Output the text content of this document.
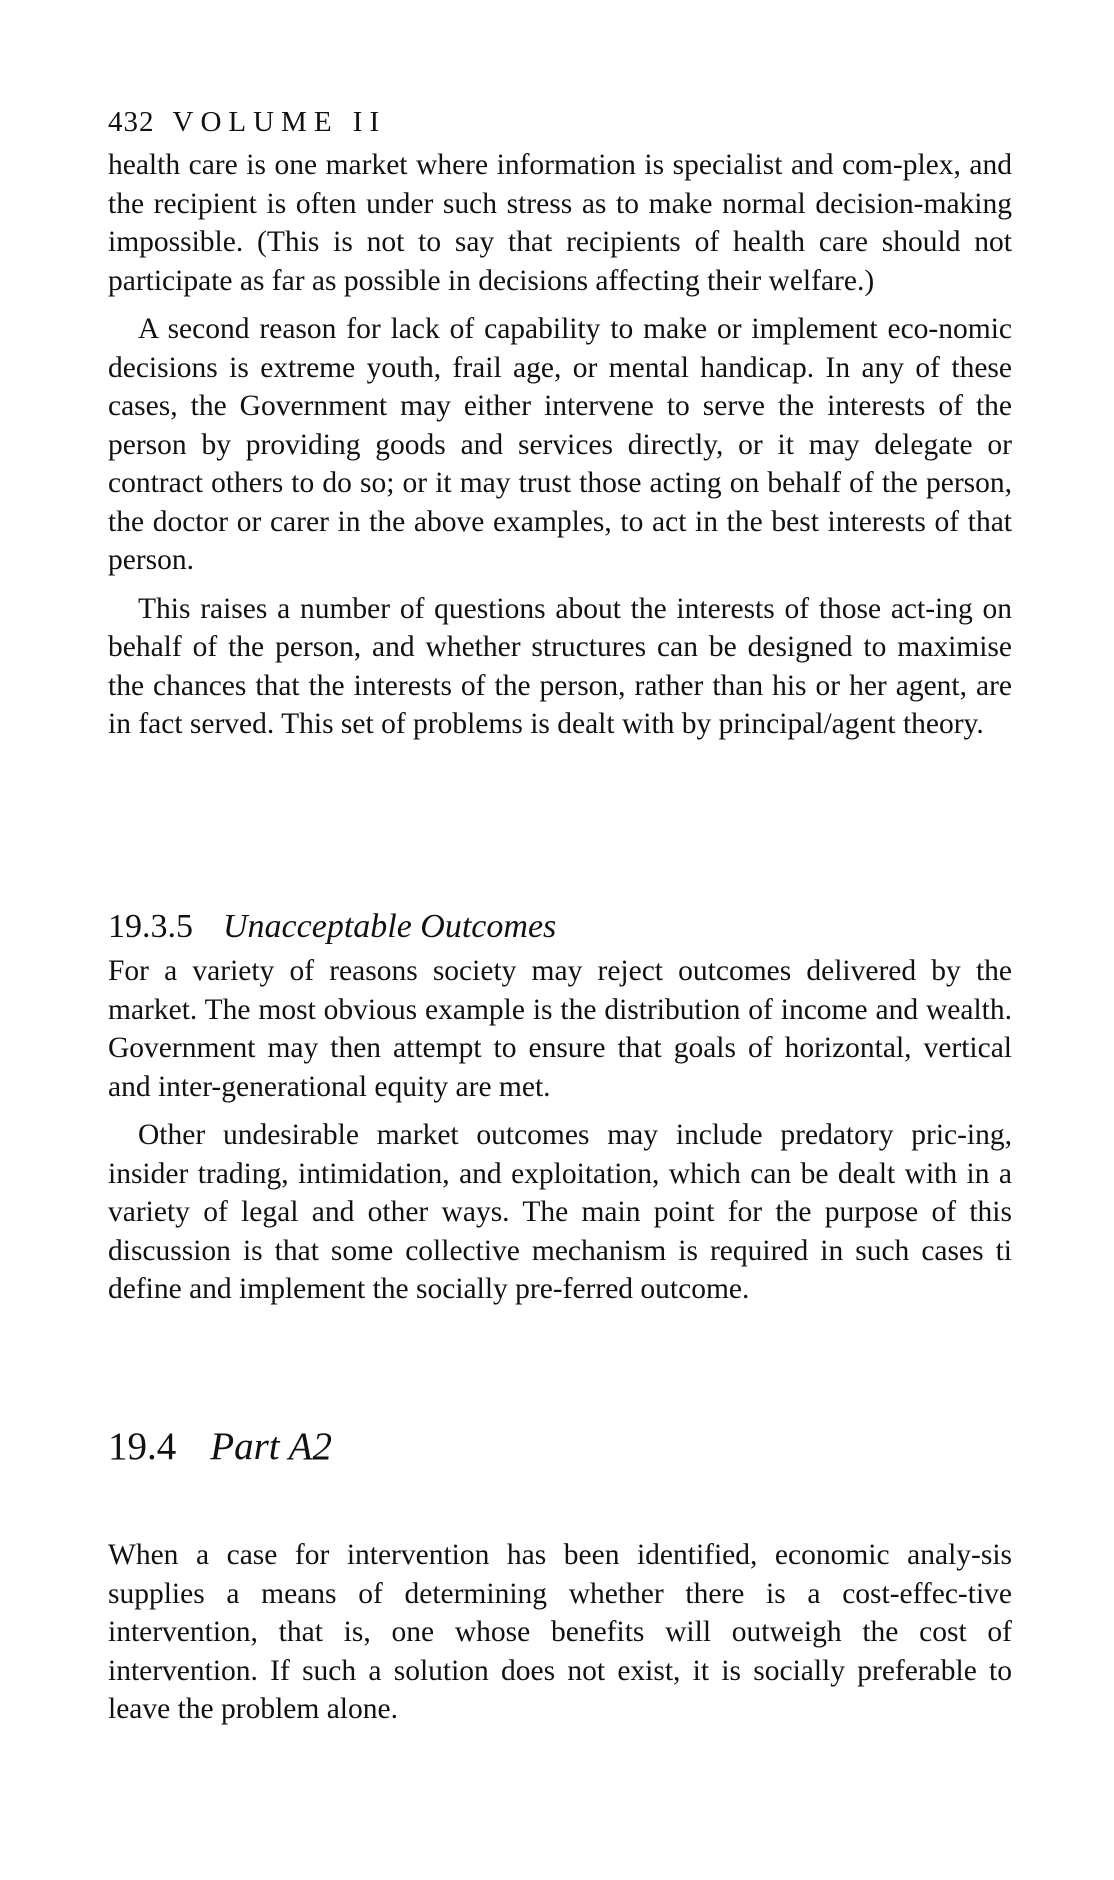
432 VOLUME II

health care is one market where information is specialist and com-plex, and the recipient is often under such stress as to make normal decision-making impossible. (This is not to say that recipients of health care should not participate as far as possible in decisions affecting their welfare.)

A second reason for lack of capability to make or implement eco-nomic decisions is extreme youth, frail age, or mental handicap. In any of these cases, the Government may either intervene to serve the interests of the person by providing goods and services directly, or it may delegate or contract others to do so; or it may trust those acting on behalf of the person, the doctor or carer in the above examples, to act in the best interests of that person.

This raises a number of questions about the interests of those act-ing on behalf of the person, and whether structures can be designed to maximise the chances that the interests of the person, rather than his or her agent, are in fact served. This set of problems is dealt with by principal/agent theory.

19.3.5 Unacceptable Outcomes

For a variety of reasons society may reject outcomes delivered by the market. The most obvious example is the distribution of income and wealth. Government may then attempt to ensure that goals of horizontal, vertical and inter-generational equity are met.

Other undesirable market outcomes may include predatory pric-ing, insider trading, intimidation, and exploitation, which can be dealt with in a variety of legal and other ways. The main point for the purpose of this discussion is that some collective mechanism is required in such cases ti define and implement the socially pre-ferred outcome.

19.4 Part A2

When a case for intervention has been identified, economic analy-sis supplies a means of determining whether there is a cost-effec-tive intervention, that is, one whose benefits will outweigh the cost of intervention. If such a solution does not exist, it is socially preferable to leave the problem alone.
